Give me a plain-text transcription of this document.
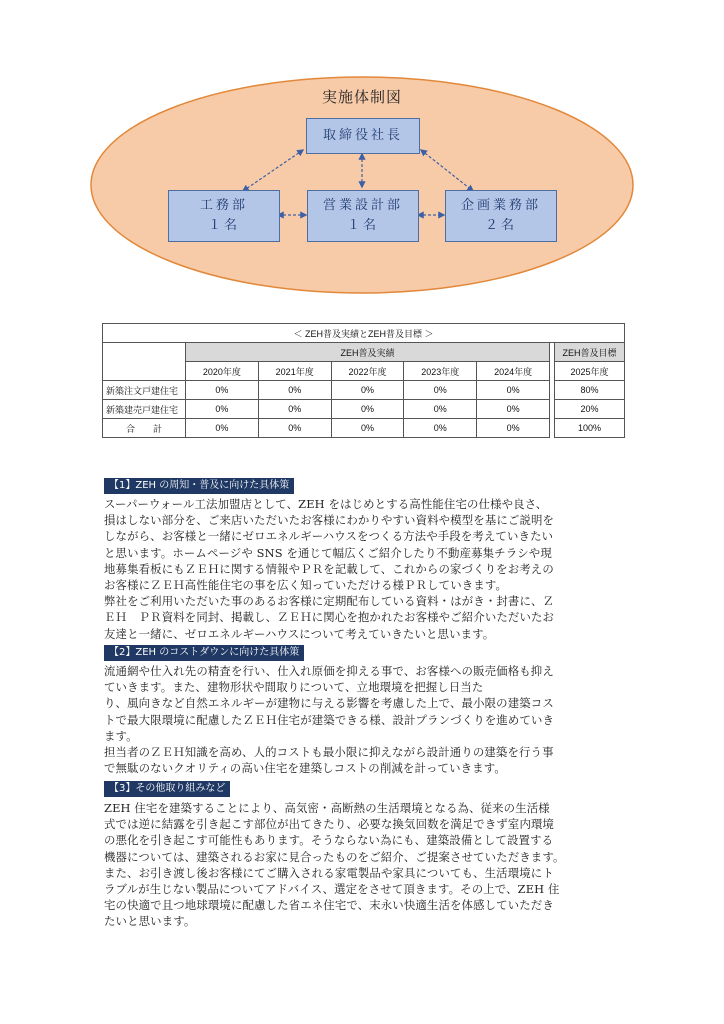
実施体制図
取締役社長
工務部
１名
営業設計部
１名
企画業務部
２名
＜ ZEH普及実績とZEH普及目標 ＞							
	ZEH普及実績						ZEH普及目標
	2020年度	2021年度	2022年度	2023年度	2024年度		2025年度
新築注文戸建住宅	0%	0%	0%	0%	0%		80%
新築建売戸建住宅	0%	0%	0%	0%	0%		20%
合　　計	0%	0%	0%	0%	0%		100%
【1】ZEH の周知・普及に向けた具体策
スーパーウォール工法加盟店として、ZEH をはじめとする高性能住宅の仕様や良さ、
損はしない部分を、ご来店いただいたお客様にわかりやすい資料や模型を基にご説明を
しながら、お客様と一緒にゼロエネルギーハウスをつくる方法や手段を考えていきたい
と思います。ホームページや SNS を通じて幅広くご紹介したり不動産募集チラシや現
地募集看板にもＺＥＨに関する情報やＰＲを記載して、これからの家づくりをお考えの
お客様にＺＥＨ高性能住宅の事を広く知っていただける様ＰＲしていきます。
弊社をご利用いただいた事のあるお客様に定期配布している資料・はがき・封書に、Ｚ
ＥＨ　ＰＲ資料を同封、掲載し、ＺＥＨに関心を抱かれたお客様やご紹介いただいたお
友達と一緒に、ゼロエネルギーハウスについて考えていきたいと思います。
【2】ZEH のコストダウンに向けた具体策
流通網や仕入れ先の精査を行い、仕入れ原価を抑える事で、お客様への販売価格も抑え
ていきます。また、建物形状や間取りについて、立地環境を把握し日当た
り、風向きなど自然エネルギーが建物に与える影響を考慮した上で、最小限の建築コス
トで最大限環境に配慮したＺＥＨ住宅が建築できる様、設計プランづくりを進めていき
ます。
担当者のＺＥＨ知識を高め、人的コストも最小限に抑えながら設計通りの建築を行う事
で無駄のないクオリティの高い住宅を建築しコストの削減を計っていきます。
【3】その他取り組みなど
ZEH 住宅を建築することにより、高気密・高断熱の生活環境となる為、従来の生活様
式では逆に結露を引き起こす部位が出てきたり、必要な換気回数を満足できず室内環境
の悪化を引き起こす可能性もあります。そうならない為にも、建築設備として設置する
機器については、建築されるお家に見合ったものをご紹介、ご提案させていただきます。
また、お引き渡し後お客様にてご購入される家電製品や家具についても、生活環境にト
ラブルが生じない製品についてアドバイス、選定をさせて頂きます。その上で、ZEH 住
宅の快適で且つ地球環境に配慮した省エネ住宅で、末永い快適生活を体感していただき
たいと思います。
